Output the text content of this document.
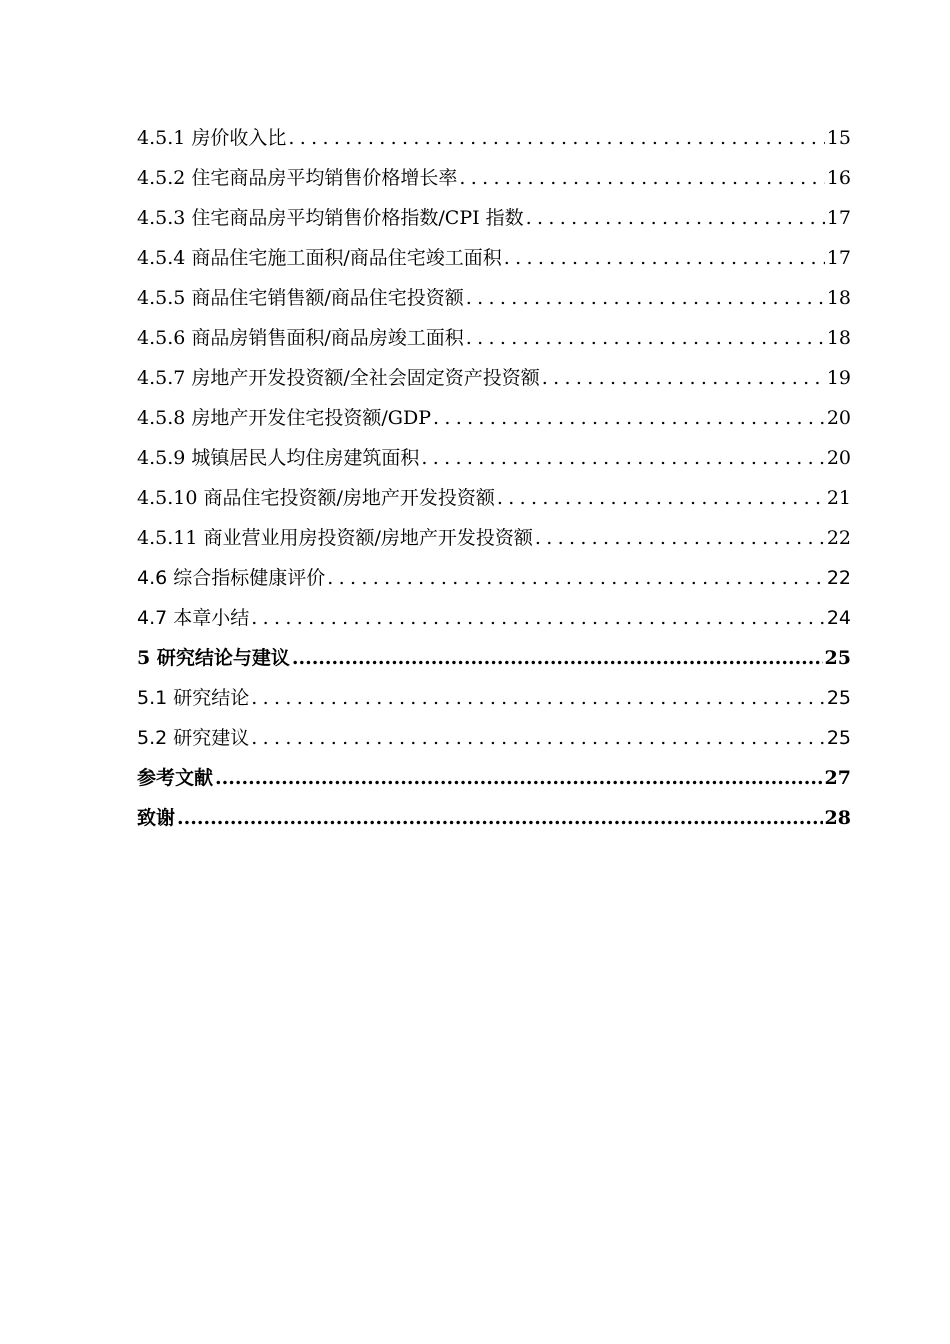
4.5.1 房价收入比 .....	15
4.5.2 住宅商品房平均销售价格增长率 .....	16
4.5.3 住宅商品房平均销售价格指数/CPI 指数 .....	17
4.5.4 商品住宅施工面积/商品住宅竣工面积 .....	17
4.5.5 商品住宅销售额/商品住宅投资额 .....	18
4.5.6 商品房销售面积/商品房竣工面积 .....	18
4.5.7 房地产开发投资额/全社会固定资产投资额 .....	19
4.5.8 房地产开发住宅投资额/GDP .....	20
4.5.9 城镇居民人均住房建筑面积 .....	20
4.5.10 商品住宅投资额/房地产开发投资额 .....	21
4.5.11 商业营业用房投资额/房地产开发投资额 .....	22
4.6 综合指标健康评价 .....	22
4.7 本章小结 .....	24
5 研究结论与建议 .....	25
5.1 研究结论 .....	25
5.2 研究建议 .....	25
参考文献 .....	27
致谢 .....	28
